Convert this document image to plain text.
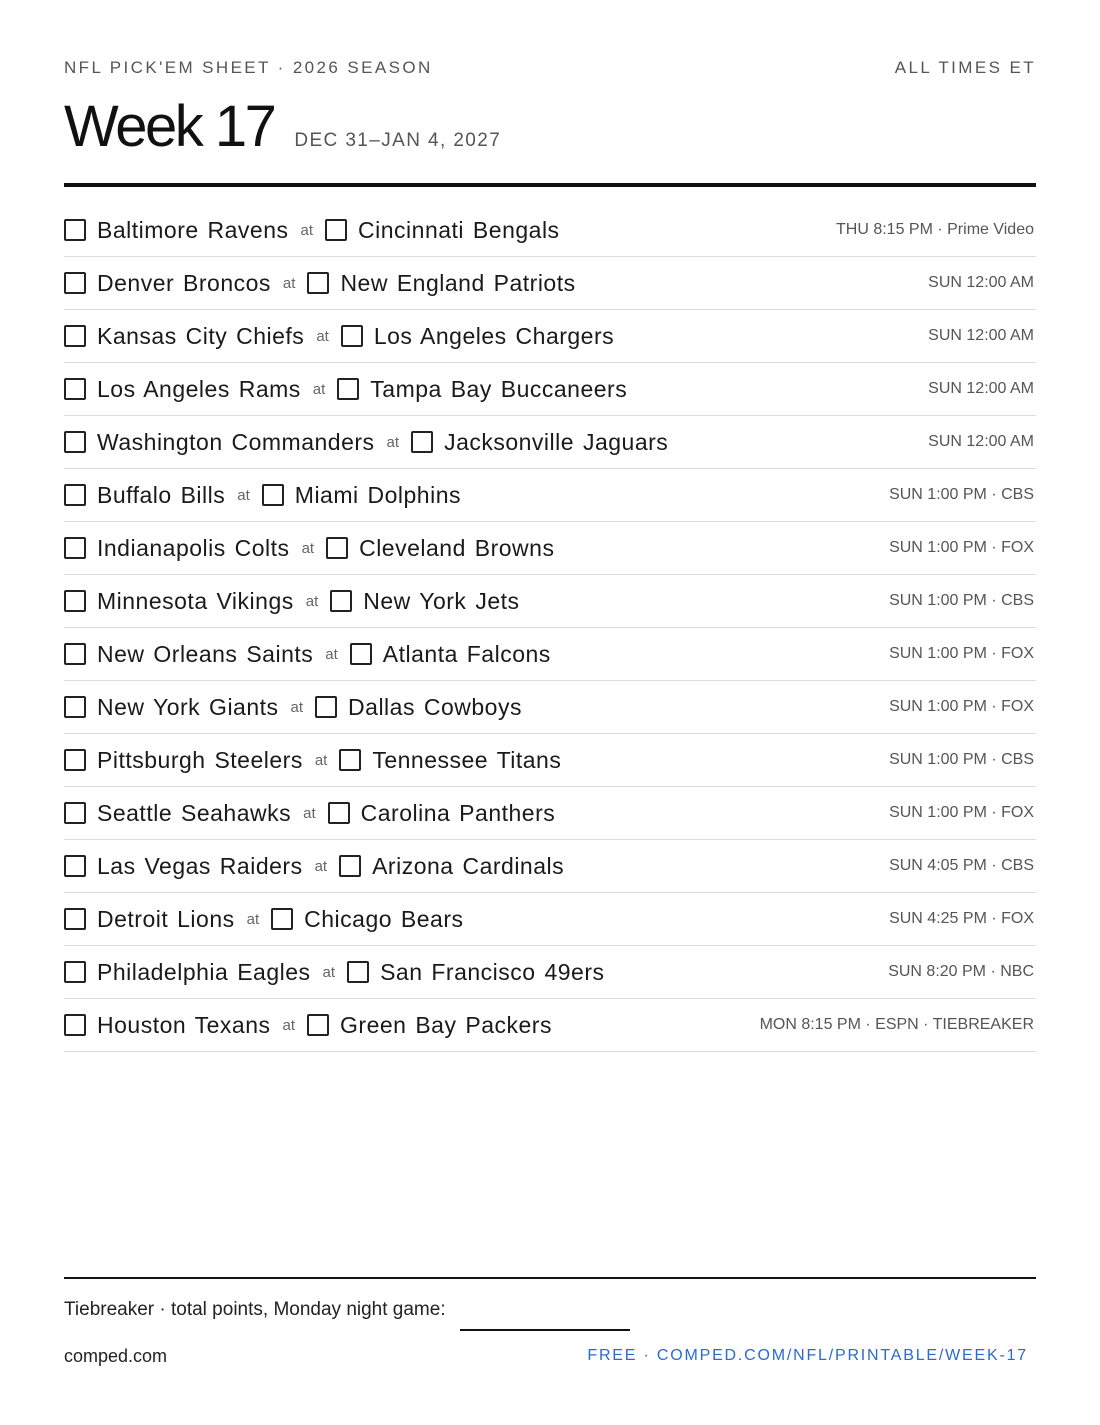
NFL PICK'EM SHEET · 2026 SEASON	ALL TIMES ET
Week 17 DEC 31–JAN 4, 2027
Baltimore Ravens at Cincinnati Bengals	THU 8:15 PM · Prime Video
Denver Broncos at New England Patriots	SUN 12:00 AM
Kansas City Chiefs at Los Angeles Chargers	SUN 12:00 AM
Los Angeles Rams at Tampa Bay Buccaneers	SUN 12:00 AM
Washington Commanders at Jacksonville Jaguars	SUN 12:00 AM
Buffalo Bills at Miami Dolphins	SUN 1:00 PM · CBS
Indianapolis Colts at Cleveland Browns	SUN 1:00 PM · FOX
Minnesota Vikings at New York Jets	SUN 1:00 PM · CBS
New Orleans Saints at Atlanta Falcons	SUN 1:00 PM · FOX
New York Giants at Dallas Cowboys	SUN 1:00 PM · FOX
Pittsburgh Steelers at Tennessee Titans	SUN 1:00 PM · CBS
Seattle Seahawks at Carolina Panthers	SUN 1:00 PM · FOX
Las Vegas Raiders at Arizona Cardinals	SUN 4:05 PM · CBS
Detroit Lions at Chicago Bears	SUN 4:25 PM · FOX
Philadelphia Eagles at San Francisco 49ers	SUN 8:20 PM · NBC
Houston Texans at Green Bay Packers	MON 8:15 PM · ESPN · TIEBREAKER
Tiebreaker · total points, Monday night game:
comped.com	FREE · COMPED.COM/NFL/PRINTABLE/WEEK-17
